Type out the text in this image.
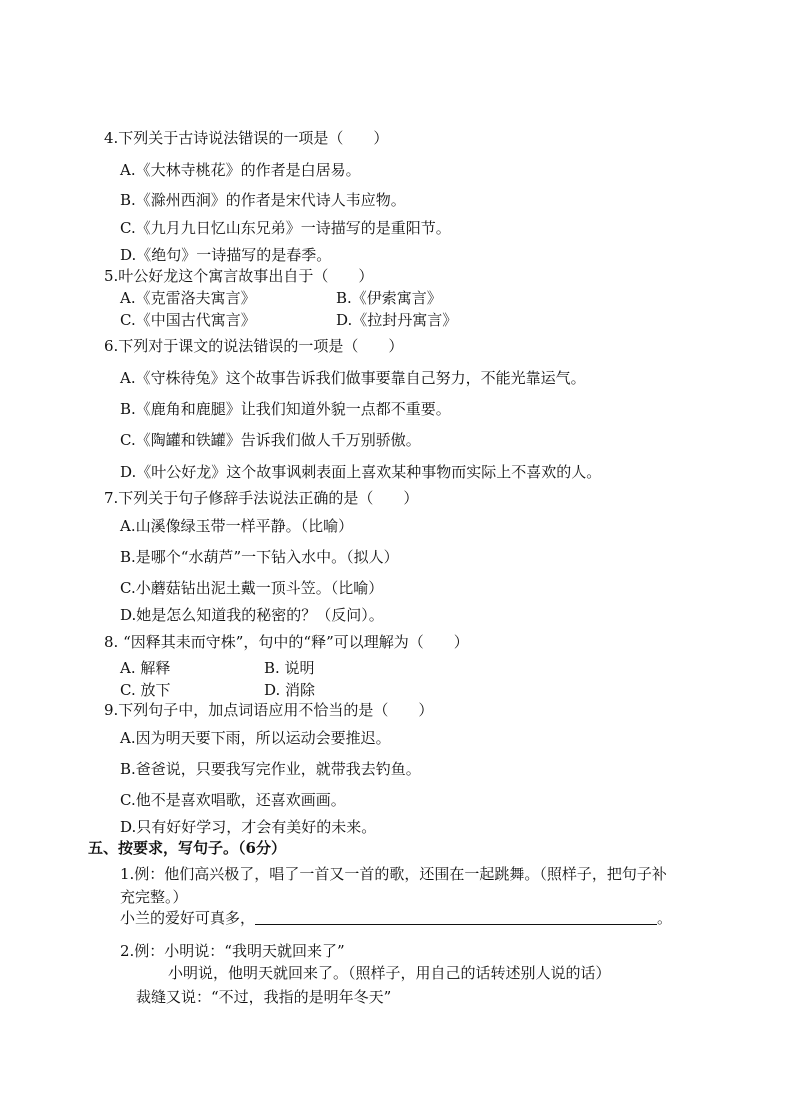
4.下列关于古诗说法错误的一项是（　　）
A.《大林寺桃花》的作者是白居易。
B.《滁州西涧》的作者是宋代诗人韦应物。
C.《九月九日忆山东兄弟》一诗描写的是重阳节。
D.《绝句》一诗描写的是春季。
5.叶公好龙这个寓言故事出自于（　　）
A.《克雷洛夫寓言》	B.《伊索寓言》
C.《中国古代寓言》	D.《拉封丹寓言》
6.下列对于课文的说法错误的一项是（　　）
A.《守株待兔》这个故事告诉我们做事要靠自己努力，不能光靠运气。
B.《鹿角和鹿腿》让我们知道外貌一点都不重要。
C.《陶罐和铁罐》告诉我们做人千万别骄傲。
D.《叶公好龙》这个故事讽刺表面上喜欢某种事物而实际上不喜欢的人。
7.下列关于句子修辞手法说法正确的是（　　）
A.山溪像绿玉带一样平静。（比喻）
B.是哪个“水葫芦”一下钻入水中。（拟人）
C.小蘑菇钻出泥土戴一顶斗笠。（比喻）
D.她是怎么知道我的秘密的？（反问）。
8. “因释其耒而守株”，句中的“释”可以理解为（　　）
A. 解释	B. 说明
C. 放下	D. 消除
9.下列句子中，加点词语应用不恰当的是（　　）
A.因为明天要下雨，所以运动会要推迟。
B.爸爸说，只要我写完作业，就带我去钓鱼。
C.他不是喜欢唱歌，还喜欢画画。
D.只有好好学习，才会有美好的未来。
五、按要求，写句子。（6分）
1.例：他们高兴极了，唱了一首又一首的歌，还围在一起跳舞。（照样子，把句子补
充完整。）
小兰的爱好可真多，	。
2.例：小明说：“我明天就回来了”
小明说，他明天就回来了。（照样子，用自己的话转述别人说的话）
裁缝又说：“不过，我指的是明年冬天”
